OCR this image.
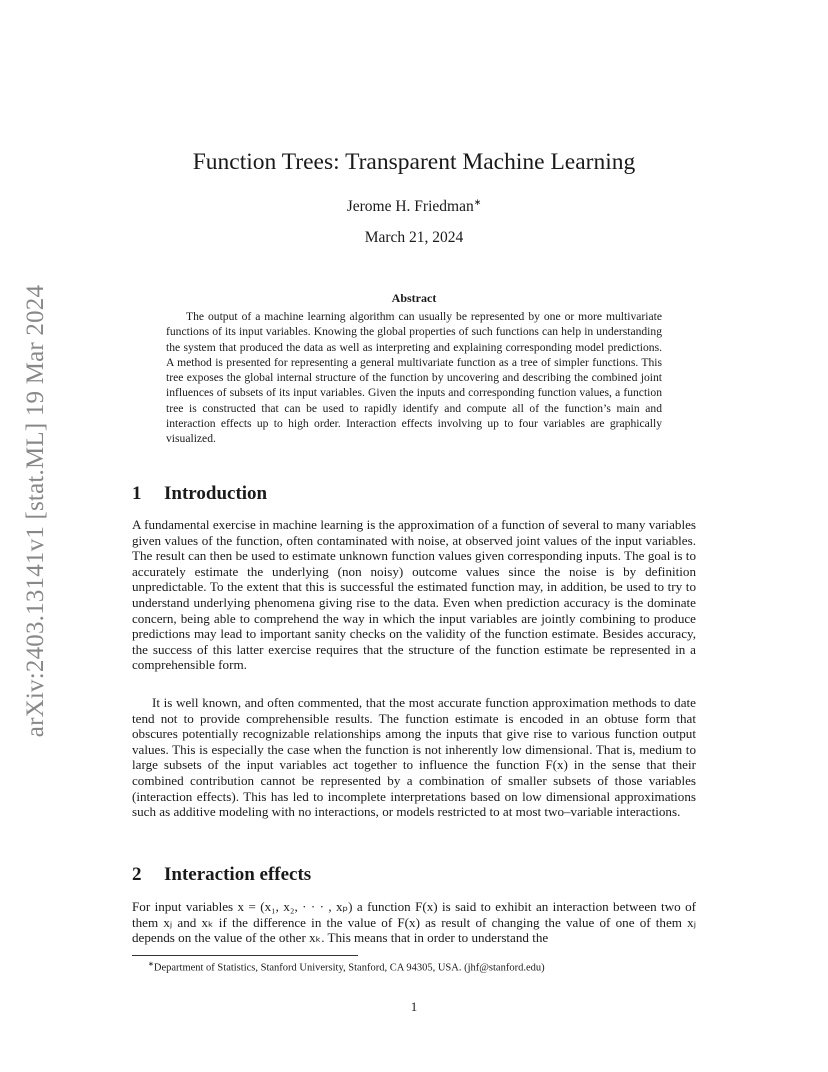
arXiv:2403.13141v1 [stat.ML] 19 Mar 2024
Function Trees: Transparent Machine Learning
Jerome H. Friedman∗
March 21, 2024
Abstract

The output of a machine learning algorithm can usually be represented by one or more multivariate functions of its input variables. Knowing the global properties of such functions can help in understanding the system that produced the data as well as interpreting and explaining corresponding model predictions. A method is presented for representing a general multivariate function as a tree of simpler functions. This tree exposes the global internal structure of the function by uncovering and describing the combined joint influences of subsets of its input variables. Given the inputs and corresponding function values, a function tree is constructed that can be used to rapidly identify and compute all of the function’s main and interaction effects up to high order. Interaction effects involving up to four variables are graphically visualized.

1 Introduction

A fundamental exercise in machine learning is the approximation of a function of several to many variables given values of the function, often contaminated with noise, at observed joint values of the input variables. The result can then be used to estimate unknown function values given corresponding inputs. The goal is to accurately estimate the underlying (non noisy) outcome values since the noise is by definition unpredictable. To the extent that this is successful the estimated function may, in addition, be used to try to understand underlying phenomena giving rise to the data. Even when prediction accuracy is the dominate concern, being able to comprehend the way in which the input variables are jointly combining to produce predictions may lead to important sanity checks on the validity of the function estimate. Besides accuracy, the success of this latter exercise requires that the structure of the function estimate be represented in a comprehensible form.

It is well known, and often commented, that the most accurate function approximation methods to date tend not to provide comprehensible results. The function estimate is encoded in an obtuse form that obscures potentially recognizable relationships among the inputs that give rise to various function output values. This is especially the case when the function is not inherently low dimensional. That is, medium to large subsets of the input variables act together to influence the function F(x) in the sense that their combined contribution cannot be represented by a combination of smaller subsets of those variables (interaction effects). This has led to incomplete interpretations based on low dimensional approximations such as additive modeling with no interactions, or models restricted to at most two–variable interactions.

2 Interaction effects

For input variables x = (x₁, x₂, · · · , xₚ) a function F(x) is said to exhibit an interaction between two of them xⱼ and xₖ if the difference in the value of F(x) as result of changing the value of one of them xⱼ depends on the value of the other xₖ. This means that in order to understand the

∗Department of Statistics, Stanford University, Stanford, CA 94305, USA. (jhf@stanford.edu)
1
